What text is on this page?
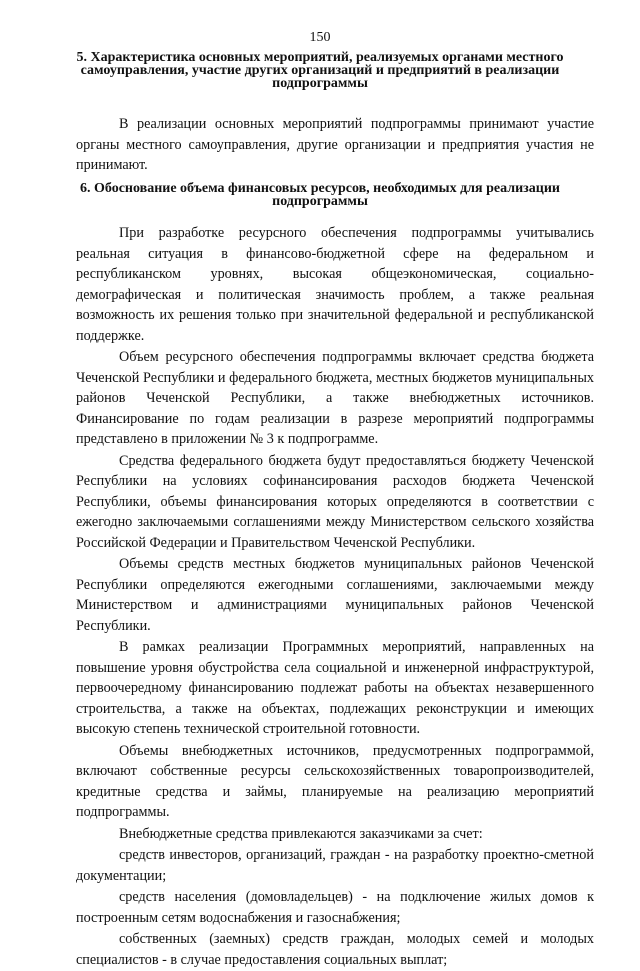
150
5. Характеристика основных мероприятий, реализуемых органами местного самоуправления, участие других организаций и предприятий в реализации подпрограммы

В реализации основных мероприятий подпрограммы принимают участие органы местного самоуправления, другие организации и предприятия участия не принимают.

6. Обоснование объема финансовых ресурсов, необходимых для реализации подпрограммы

При разработке ресурсного обеспечения подпрограммы учитывались реальная ситуация в финансово-бюджетной сфере на федеральном и республиканском уровнях, высокая общеэкономическая, социально-демографическая и политическая значимость проблем, а также реальная возможность их решения только при значительной федеральной и республиканской поддержке.

Объем ресурсного обеспечения подпрограммы включает средства бюджета Чеченской Республики и федерального бюджета, местных бюджетов муниципальных районов Чеченской Республики, а также внебюджетных источников. Финансирование по годам реализации в разрезе мероприятий подпрограммы представлено в приложении № 3 к подпрограмме.

Средства федерального бюджета будут предоставляться бюджету Чеченской Республики на условиях софинансирования расходов бюджета Чеченской Республики, объемы финансирования которых определяются в соответствии с ежегодно заключаемыми соглашениями между Министерством сельского хозяйства Российской Федерации и Правительством Чеченской Республики.

Объемы средств местных бюджетов муниципальных районов Чеченской Республики определяются ежегодными соглашениями, заключаемыми между Министерством и администрациями муниципальных районов Чеченской Республики.

В рамках реализации Программных мероприятий, направленных на повышение уровня обустройства села социальной и инженерной инфраструктурой, первоочередному финансированию подлежат работы на объектах незавершенного строительства, а также на объектах, подлежащих реконструкции и имеющих высокую степень технической строительной готовности.

Объемы внебюджетных источников, предусмотренных подпрограммой, включают собственные ресурсы сельскохозяйственных товаропроизводителей, кредитные средства и займы, планируемые на реализацию мероприятий подпрограммы.

Внебюджетные средства привлекаются заказчиками за счет:

средств инвесторов, организаций, граждан - на разработку проектно-сметной документации;

средств населения (домовладельцев) - на подключение жилых домов к построенным сетям водоснабжения и газоснабжения;

собственных (заемных) средств граждан, молодых семей и молодых специалистов - в случае предоставления социальных выплат;
